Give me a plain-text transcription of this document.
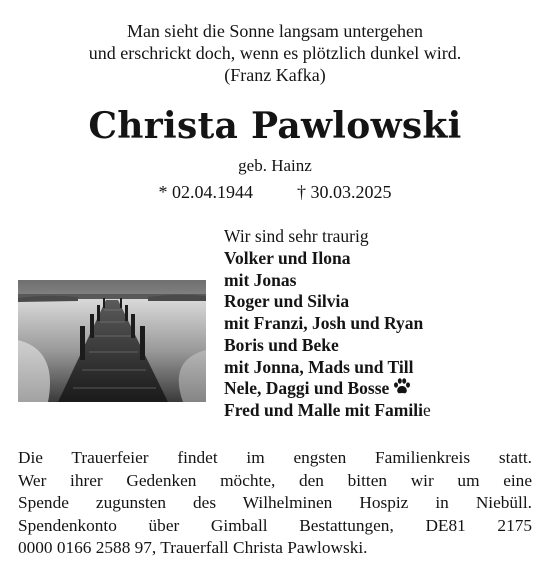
Man sieht die Sonne langsam untergehen
und erschrickt doch, wenn es plötzlich dunkel wird.
(Franz Kafka)
Christa Pawlowski
geb. Hainz
* 02.04.1944 † 30.03.2025
Wir sind sehr traurig
Volker und Ilona
mit Jonas
Roger und Silvia
mit Franzi, Josh und Ryan
Boris und Beke
mit Jonna, Mads und Till
Nele, Daggi und Bosse
Fred und Malle mit Familie
Die Trauerfeier findet im engsten Familienkreis statt.
Wer ihrer Gedenken möchte, den bitten wir um eine
Spende zugunsten des Wilhelminen Hospiz in Niebüll.
Spendenkonto über Gimball Bestattungen, DE81 2175
0000 0166 2588 97, Trauerfall Christa Pawlowski.
